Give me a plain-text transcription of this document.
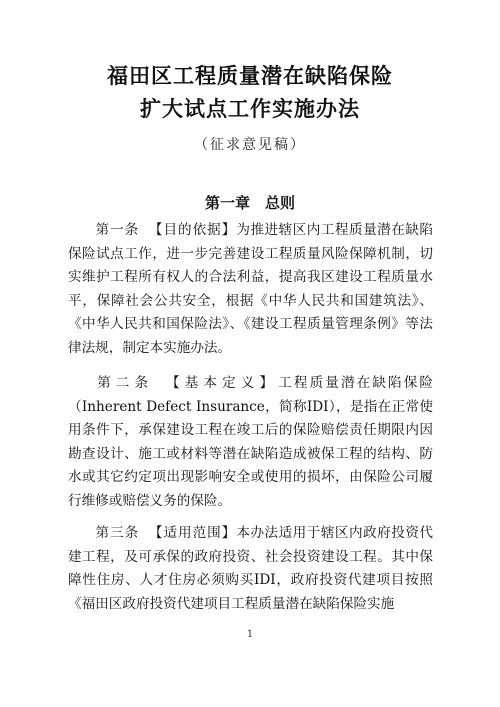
福田区工程质量潜在缺陷保险
扩大试点工作实施办法
（征求意见稿）
第一章　总则

第一条 【目的依据】为推进辖区内工程质量潜在缺陷保险试点工作，进一步完善建设工程质量风险保障机制，切实维护工程所有权人的合法利益，提高我区建设工程质量水平，保障社会公共安全，根据《中华人民共和国建筑法》、《中华人民共和国保险法》、《建设工程质量管理条例》等法律法规，制定本实施办法。

第二条 【基本定义】工程质量潜在缺陷保险（Inherent Defect Insurance，简称IDI），是指在正常使用条件下，承保建设工程在竣工后的保险赔偿责任期限内因勘查设计、施工或材料等潜在缺陷造成被保工程的结构、防水或其它约定项出现影响安全或使用的损坏，由保险公司履行维修或赔偿义务的保险。

第三条 【适用范围】本办法适用于辖区内政府投资代建工程，及可承保的政府投资、社会投资建设工程。其中保障性住房、人才住房必须购买IDI，政府投资代建项目按照《福田区政府投资代建项目工程质量潜在缺陷保险实施

1
